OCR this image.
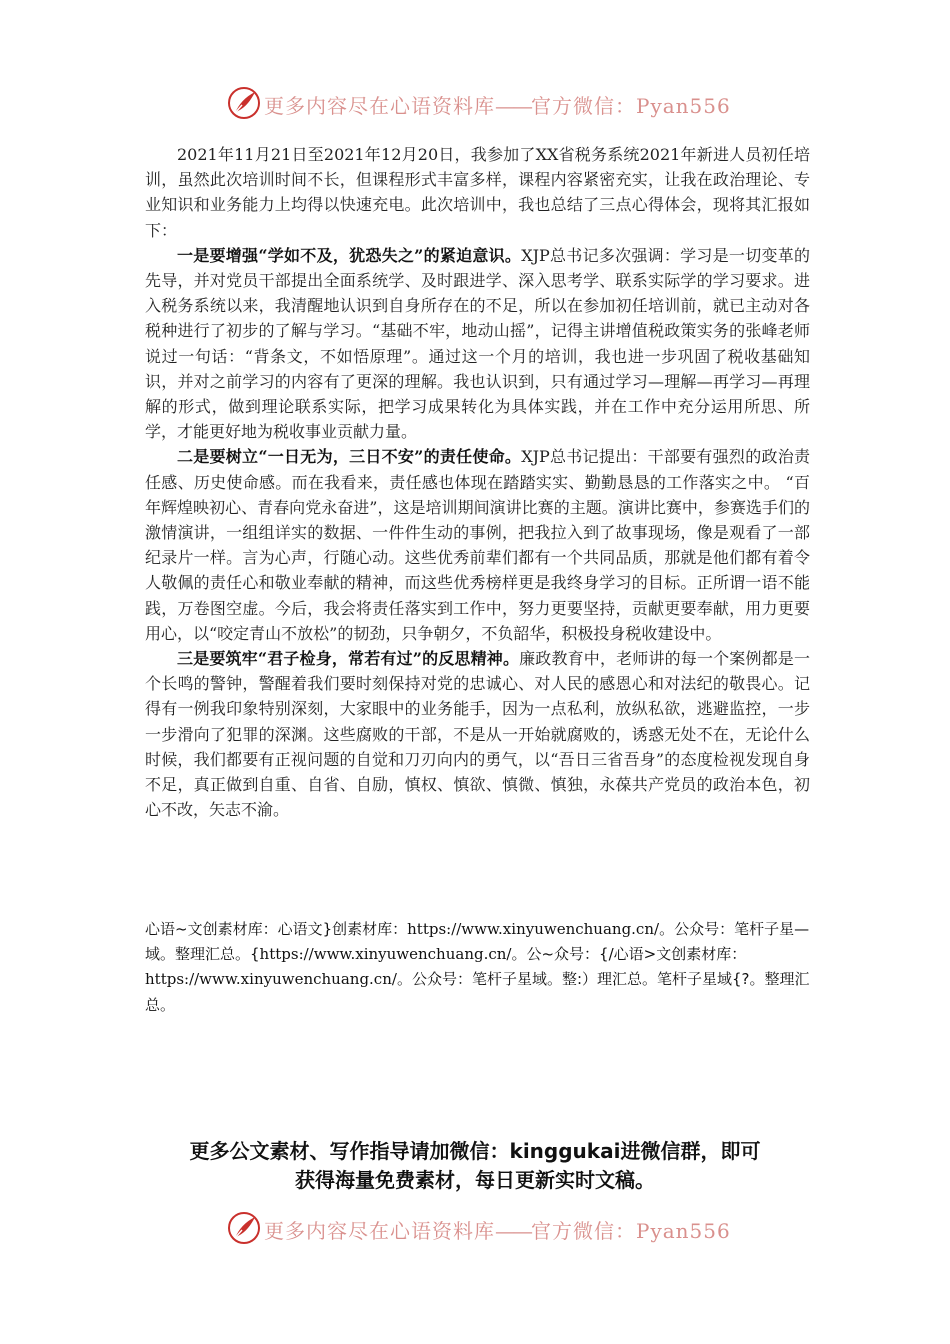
更多内容尽在心语资料库——官方微信：Pyan556

2021年11月21日至2021年12月20日，我参加了XX省税务系统2021年新进人员初任培训，虽然此次培训时间不长，但课程形式丰富多样，课程内容紧密充实，让我在政治理论、专业知识和业务能力上均得以快速充电。此次培训中，我也总结了三点心得体会，现将其汇报如下：

一是要增强“学如不及，犹恐失之”的紧迫意识。XJP总书记多次强调：学习是一切变革的先导，并对党员干部提出全面系统学、及时跟进学、深入思考学、联系实际学的学习要求。进入税务系统以来，我清醒地认识到自身所存在的不足，所以在参加初任培训前，就已主动对各税种进行了初步的了解与学习。“基础不牢，地动山摇”，记得主讲增值税政策实务的张峰老师说过一句话：“背条文，不如悟原理”。通过这一个月的培训，我也进一步巩固了税收基础知识，并对之前学习的内容有了更深的理解。我也认识到，只有通过学习—理解—再学习—再理解的形式，做到理论联系实际，把学习成果转化为具体实践，并在工作中充分运用所思、所学，才能更好地为税收事业贡献力量。

二是要树立“一日无为，三日不安”的责任使命。XJP总书记提出：干部要有强烈的政治责任感、历史使命感。而在我看来，责任感也体现在踏踏实实、勤勤恳恳的工作落实之中。 “百年辉煌映初心、青春向党永奋进”，这是培训期间演讲比赛的主题。演讲比赛中，参赛选手们的激情演讲，一组组详实的数据、一件件生动的事例，把我拉入到了故事现场，像是观看了一部纪录片一样。言为心声，行随心动。这些优秀前辈们都有一个共同品质，那就是他们都有着令人敬佩的责任心和敬业奉献的精神，而这些优秀榜样更是我终身学习的目标。正所谓一语不能践，万卷图空虚。今后，我会将责任落实到工作中，努力更要坚持，贡献更要奉献，用力更要用心，以“咬定青山不放松”的韧劲，只争朝夕，不负韶华，积极投身税收建设中。

三是要筑牢“君子检身，常若有过”的反思精神。廉政教育中，老师讲的每一个案例都是一个长鸣的警钟，警醒着我们要时刻保持对党的忠诚心、对人民的感恩心和对法纪的敬畏心。记得有一例我印象特别深刻，大家眼中的业务能手，因为一点私利，放纵私欲，逃避监控，一步一步滑向了犯罪的深渊。这些腐败的干部，不是从一开始就腐败的，诱惑无处不在，无论什么时候，我们都要有正视问题的自觉和刀刃向内的勇气，以“吾日三省吾身”的态度检视发现自身不足，真正做到自重、自省、自励，慎权、慎欲、慎微、慎独，永葆共产党员的政治本色，初心不改，矢志不渝。

心语~文创素材库：心语文}创素材库：https://www.xinyuwenchuang.cn/。公众号：笔杆子星—域。整理汇总。{https://www.xinyuwenchuang.cn/。公~众号：{/心语>文创素材库：https://www.xinyuwenchuang.cn/。公众号：笔杆子星域。整:）理汇总。笔杆子星域{?。整理汇总。
更多公文素材、写作指导请加微信：kinggukai进微信群，即可
获得海量免费素材，每日更新实时文稿。
更多内容尽在心语资料库——官方微信：Pyan556
